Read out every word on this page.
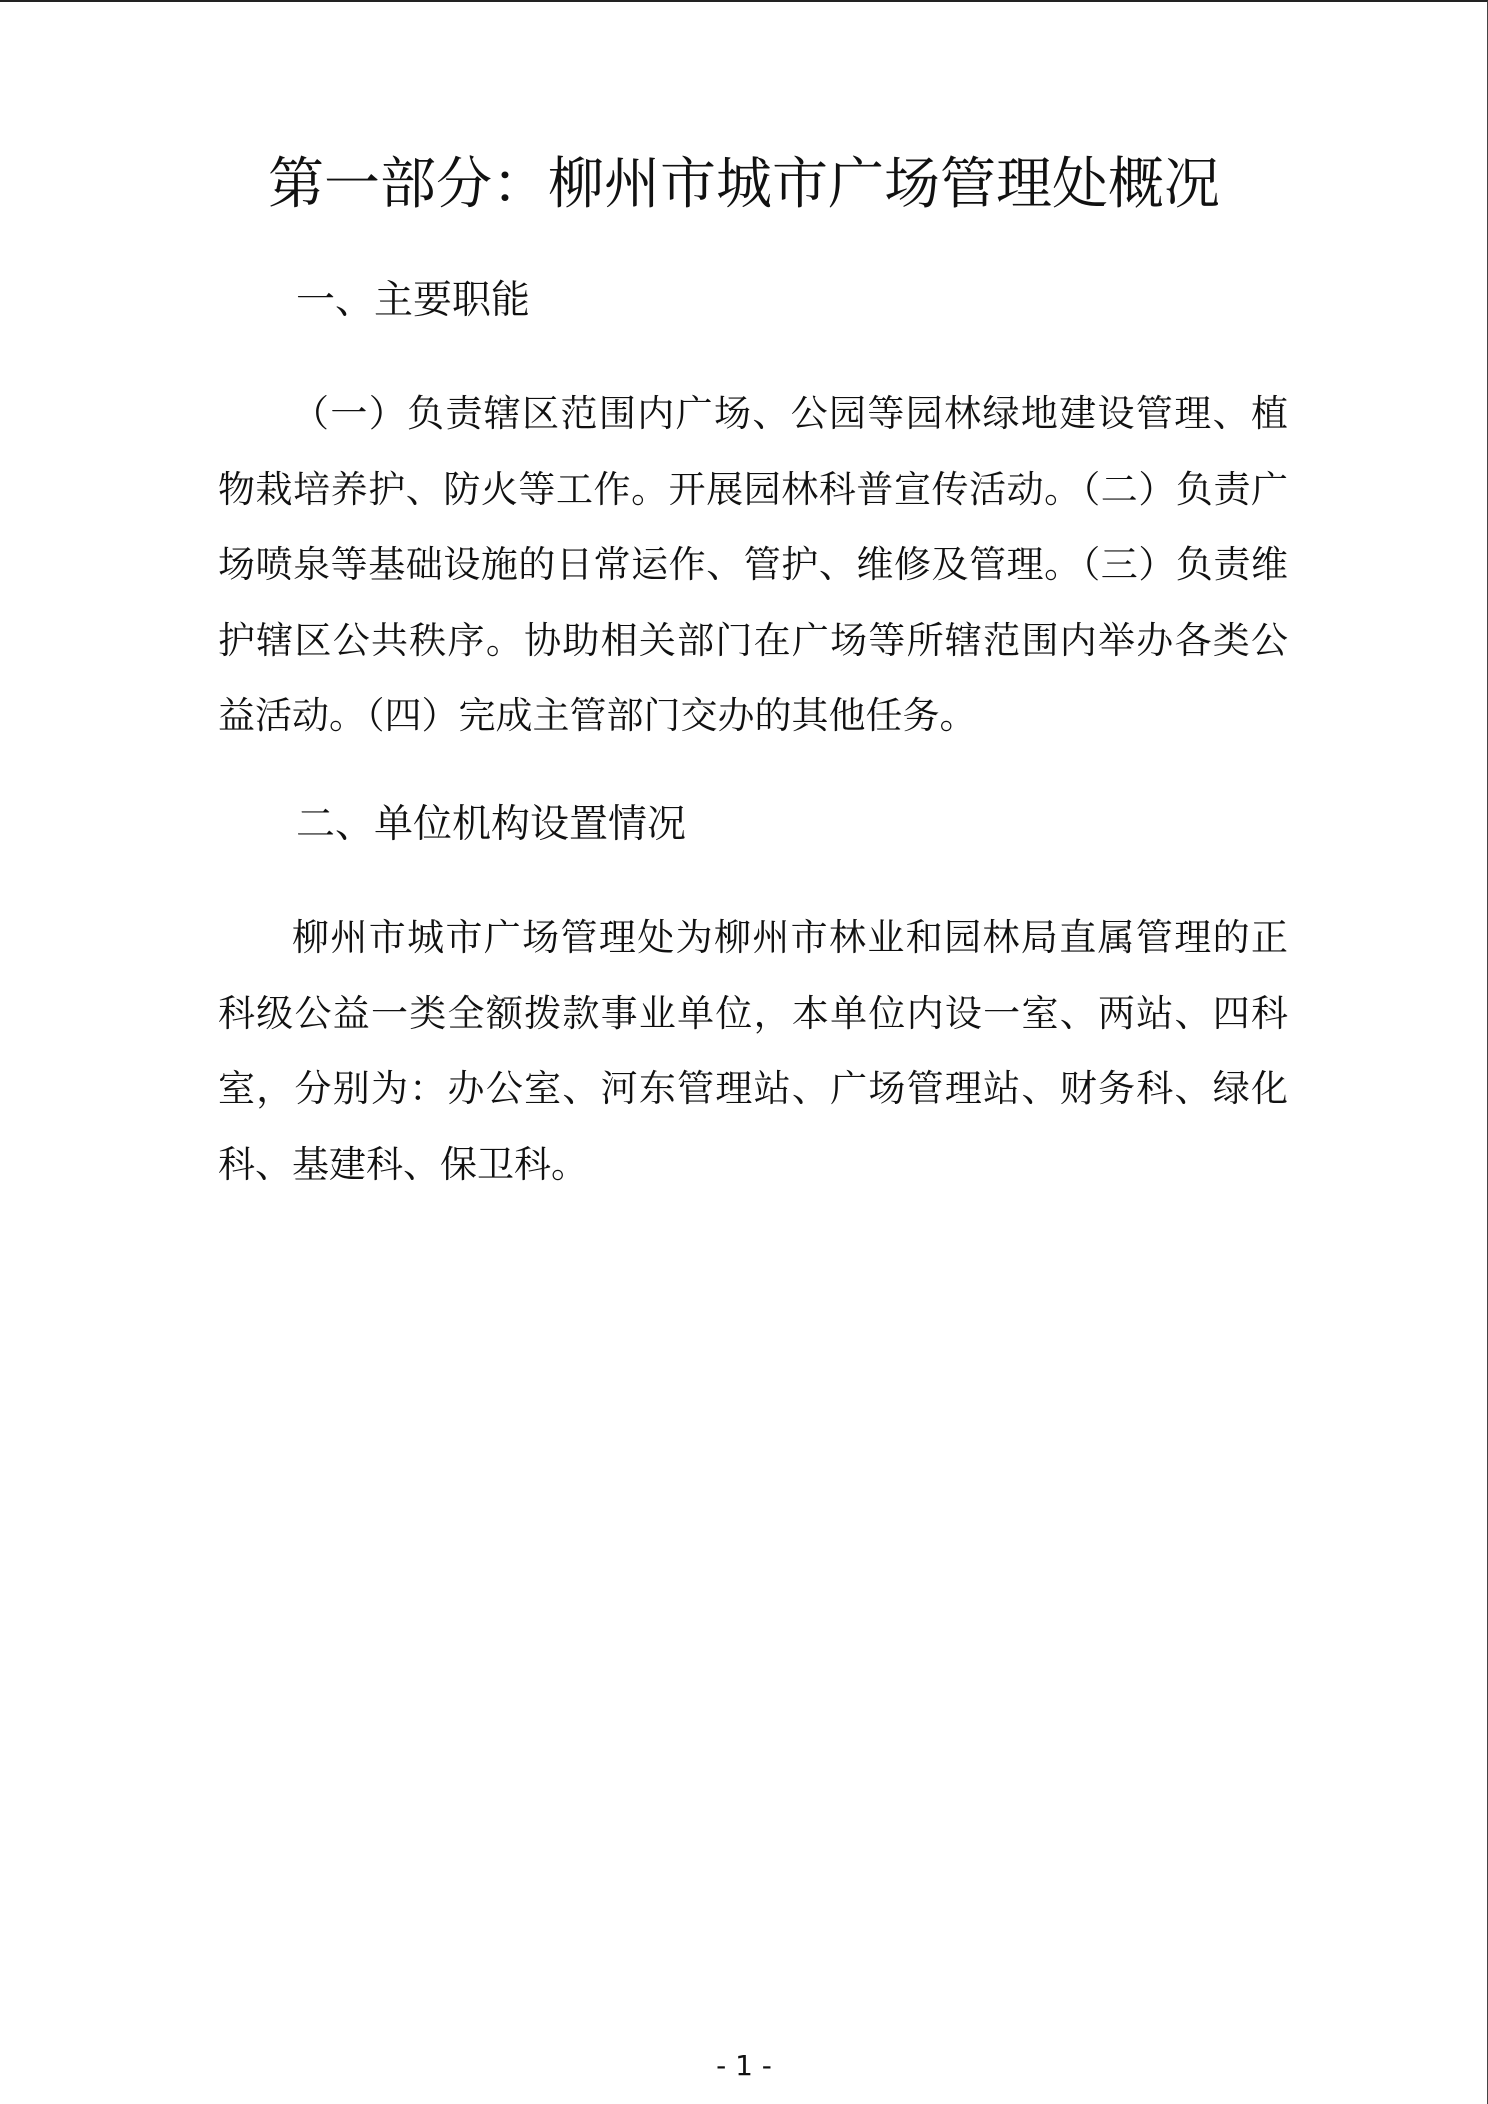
第一部分：柳州市城市广场管理处概况
一、主要职能

（一）负责辖区范围内广场、公园等园林绿地建设管理、植物栽培养护、防火等工作。开展园林科普宣传活动。（二）负责广场喷泉等基础设施的日常运作、管护、维修及管理。（三）负责维护辖区公共秩序。协助相关部门在广场等所辖范围内举办各类公益活动。（四）完成主管部门交办的其他任务。

二、单位机构设置情况

柳州市城市广场管理处为柳州市林业和园林局直属管理的正科级公益一类全额拨款事业单位，本单位内设一室、两站、四科室，分别为：办公室、河东管理站、广场管理站、财务科、绿化科、基建科、保卫科。

- 1 -
